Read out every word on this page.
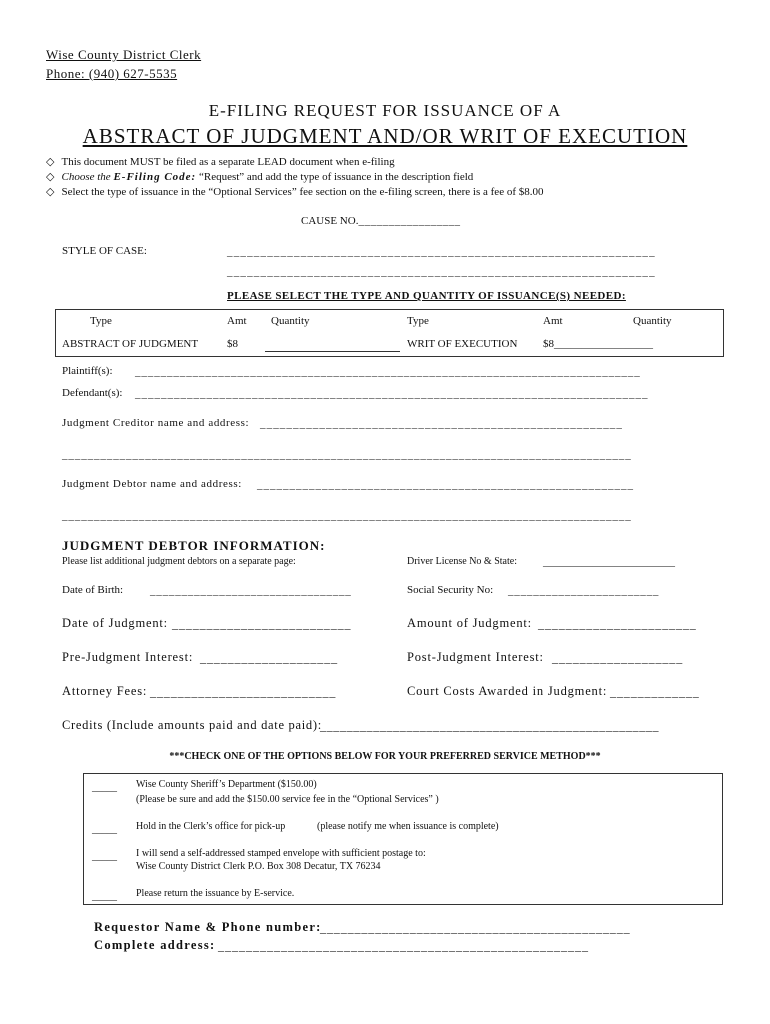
Wise County District Clerk
Phone: (940) 627-5535
E-FILING REQUEST FOR ISSUANCE OF A
ABSTRACT OF JUDGMENT AND/OR WRIT OF EXECUTION
◇ This document MUST be filed as a separate LEAD document when e-filing
◇ Choose the E-Filing Code: “Request” and add the type of issuance in the description field
◇ Select the type of issuance in the “Optional Services” fee section on the e-filing screen, there is a fee of $8.00
CAUSE NO._________________
STYLE OF CASE:	________________________________________________________________
________________________________________________________________
PLEASE SELECT THE TYPE AND QUANTITY OF ISSUANCE(S) NEEDED:
Type	Amt Quantity	Type	Amt	Quantity
ABSTRACT OF JUDGMENT	$8	WRIT OF EXECUTION $8__________________
Plaintiff(s): _______________________________________________________________________________
Defendant(s): _______________________________________________________________________________
Judgment Creditor name and address: _______________________________________________________
_________________________________________________________________________________________
Judgment Debtor name and address: __________________________________________________________
_________________________________________________________________________________________
JUDGMENT DEBTOR INFORMATION:
Please list additional judgment debtors on a separate page:	Driver License No & State: ________________________
Date of Birth: ________________________________	Social Security No: ________________________
Date of Judgment: __________________________	Amount of Judgment: _______________________
Pre-Judgment Interest: ____________________	Post-Judgment Interest: ___________________
Attorney Fees: ___________________________	Court Costs Awarded in Judgment: _____________
Credits (Include amounts paid and date paid):
___________________________________________________
***CHECK ONE OF THE OPTIONS BELOW FOR YOUR PREFERRED SERVICE METHOD***
_____ Wise County Sheriff’s Department ($150.00)
(Please be sure and add the $150.00 service fee in the “Optional Services” )
_____ Hold in the Clerk’s office for pick-up	(please notify me when issuance is complete)
_____ I will send a self-addressed stamped envelope with sufficient postage to:
Wise County District Clerk P.O. Box 308 Decatur, TX 76234
_____ Please return the issuance by E-service.
Requestor Name & Phone number:
_____________________________________________
Complete address: _____________________________________________________
